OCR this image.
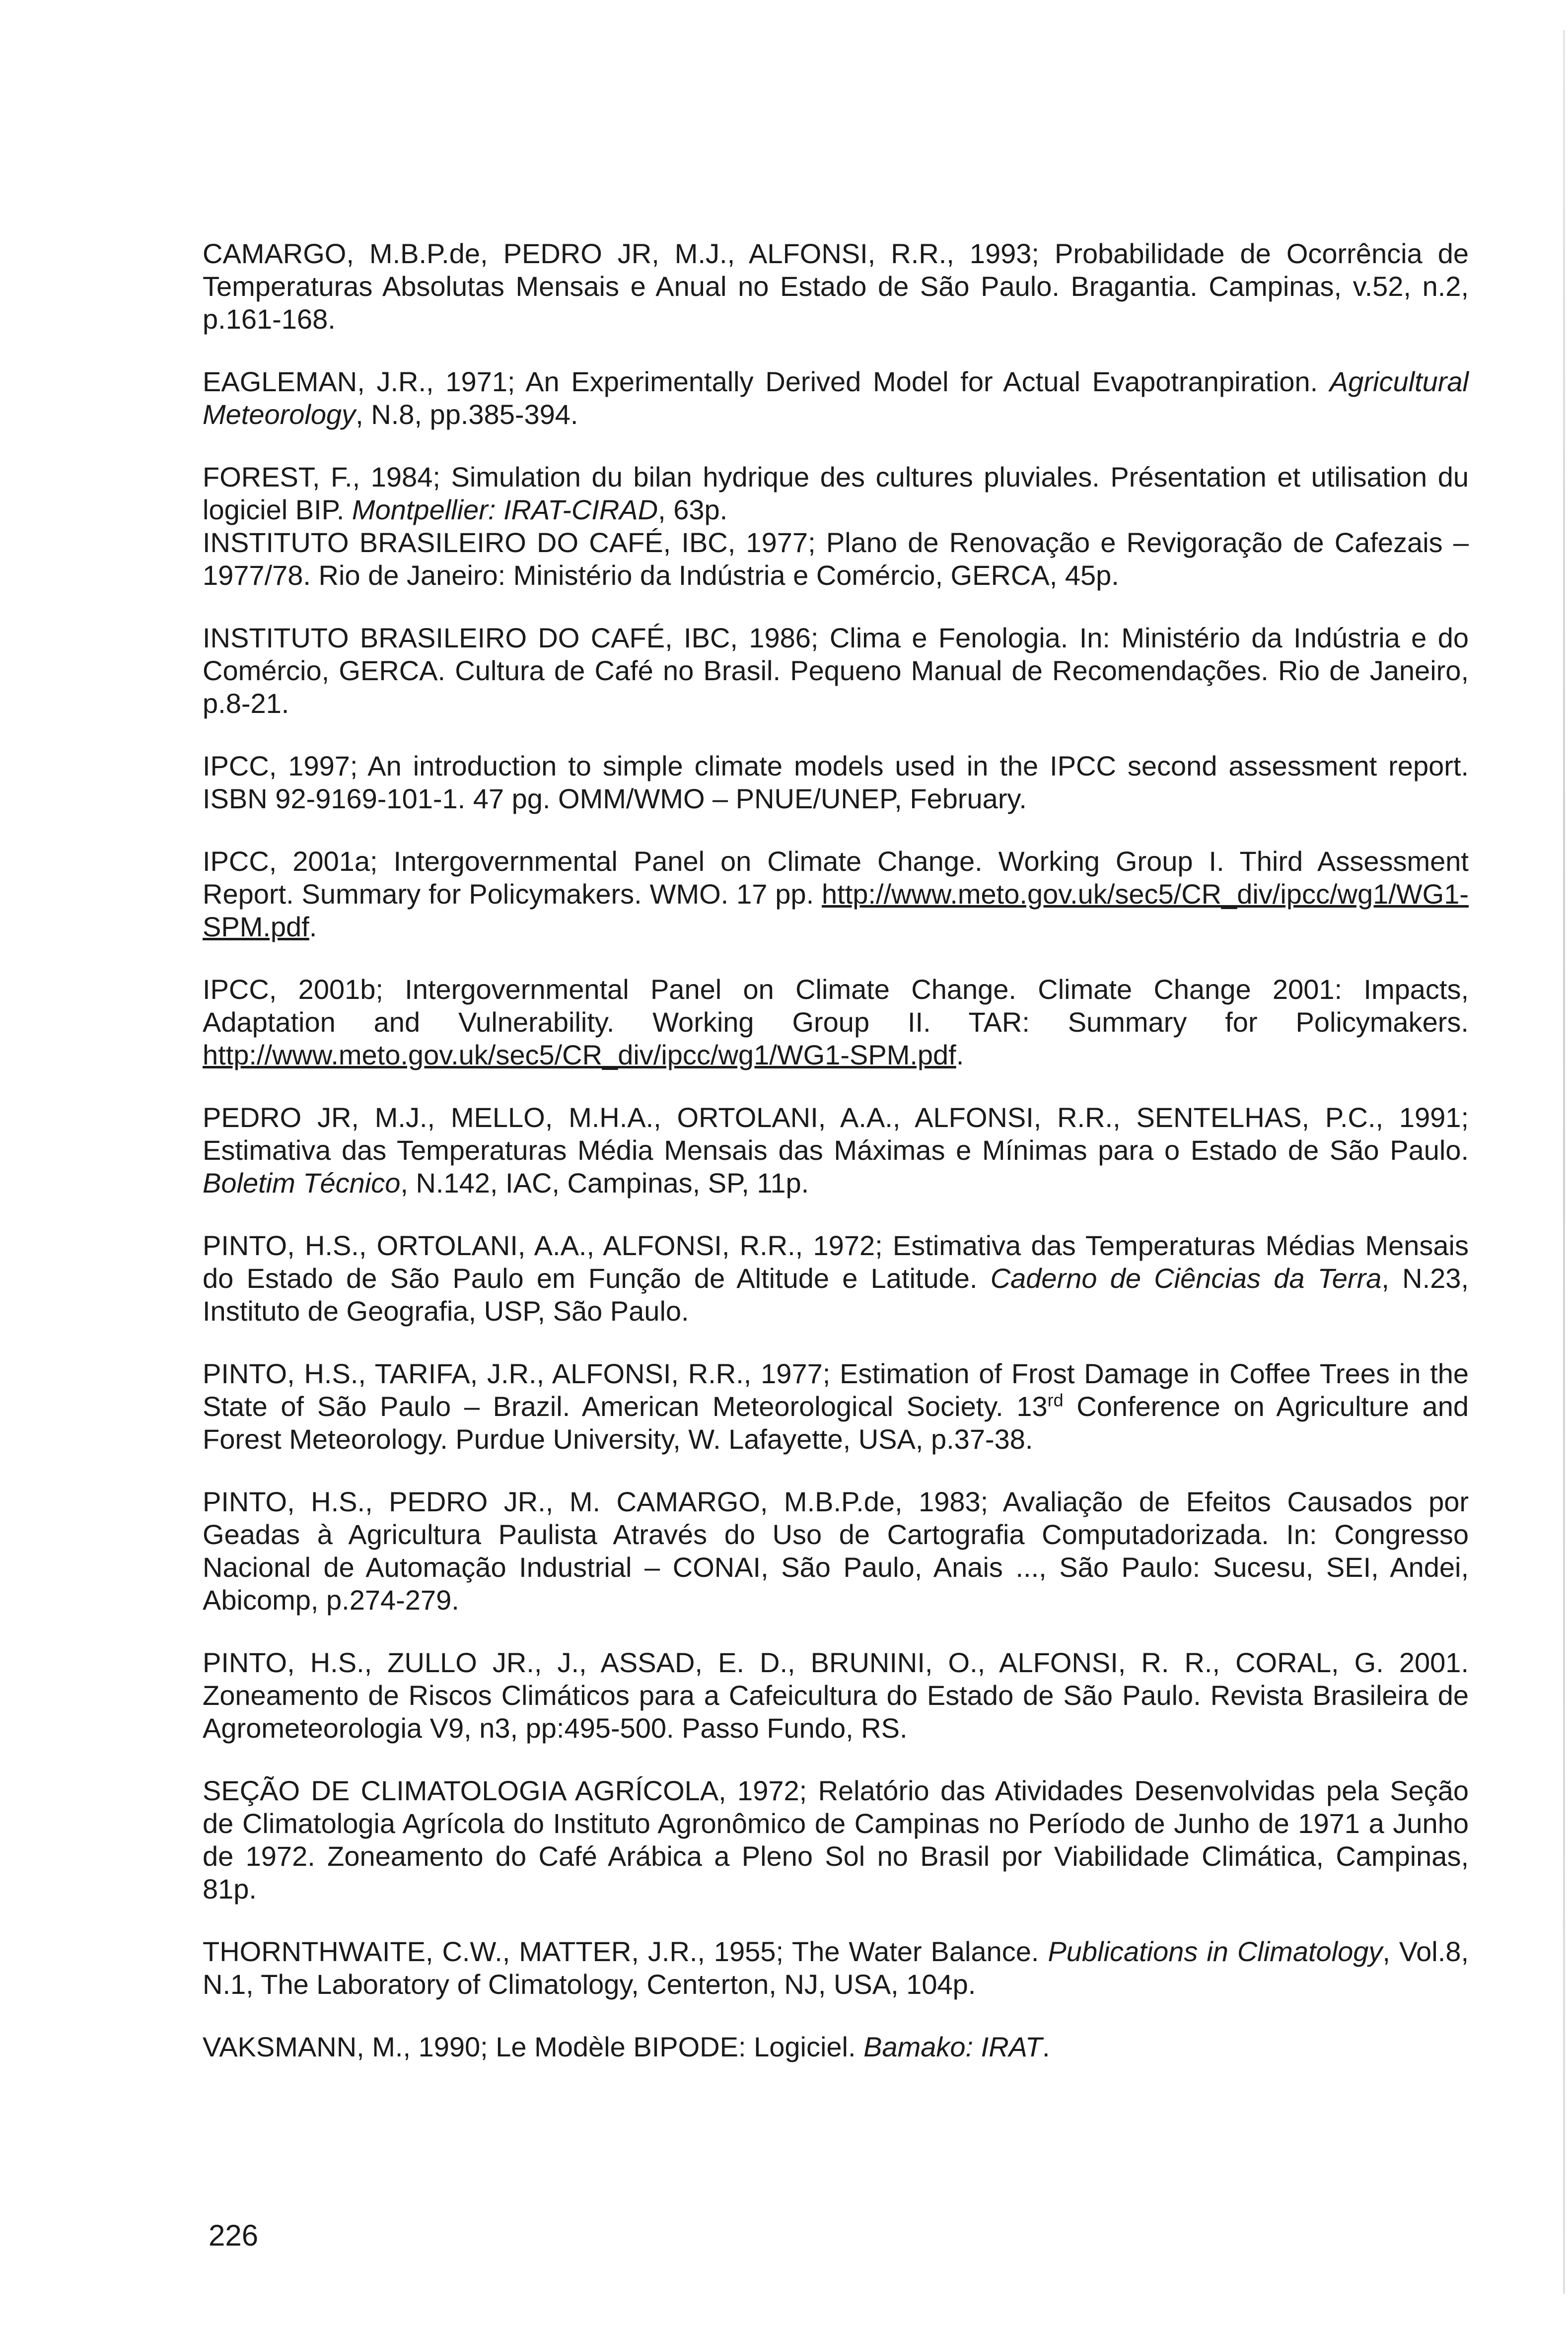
CAMARGO, M.B.P.de, PEDRO JR, M.J., ALFONSI, R.R., 1993; Probabilidade de Ocorrência de Temperaturas Absolutas Mensais e Anual no Estado de São Paulo. Bragantia. Campinas, v.52, n.2, p.161-168.

EAGLEMAN, J.R., 1971; An Experimentally Derived Model for Actual Evapotranpiration. Agricultural Meteorology, N.8, pp.385-394.

FOREST, F., 1984; Simulation du bilan hydrique des cultures pluviales. Présentation et utilisation du logiciel BIP. Montpellier: IRAT-CIRAD, 63p.

INSTITUTO BRASILEIRO DO CAFÉ, IBC, 1977; Plano de Renovação e Revigoração de Cafezais – 1977/78. Rio de Janeiro: Ministério da Indústria e Comércio, GERCA, 45p.

INSTITUTO BRASILEIRO DO CAFÉ, IBC, 1986; Clima e Fenologia. In: Ministério da Indústria e do Comércio, GERCA. Cultura de Café no Brasil. Pequeno Manual de Recomendações. Rio de Janeiro, p.8-21.

IPCC, 1997; An introduction to simple climate models used in the IPCC second assessment report. ISBN 92-9169-101-1. 47 pg. OMM/WMO – PNUE/UNEP, February.

IPCC, 2001a; Intergovernmental Panel on Climate Change. Working Group I. Third Assessment Report. Summary for Policymakers. WMO. 17 pp. http://www.meto.gov.uk/sec5/CR_div/ipcc/wg1/WG1-SPM.pdf.

IPCC, 2001b; Intergovernmental Panel on Climate Change. Climate Change 2001: Impacts, Adaptation and Vulnerability. Working Group II. TAR: Summary for Policymakers. http://www.meto.gov.uk/sec5/CR_div/ipcc/wg1/WG1-SPM.pdf.

PEDRO JR, M.J., MELLO, M.H.A., ORTOLANI, A.A., ALFONSI, R.R., SENTELHAS, P.C., 1991; Estimativa das Temperaturas Média Mensais das Máximas e Mínimas para o Estado de São Paulo. Boletim Técnico, N.142, IAC, Campinas, SP, 11p.

PINTO, H.S., ORTOLANI, A.A., ALFONSI, R.R., 1972; Estimativa das Temperaturas Médias Mensais do Estado de São Paulo em Função de Altitude e Latitude. Caderno de Ciências da Terra, N.23, Instituto de Geografia, USP, São Paulo.

PINTO, H.S., TARIFA, J.R., ALFONSI, R.R., 1977; Estimation of Frost Damage in Coffee Trees in the State of São Paulo – Brazil. American Meteorological Society. 13rd Conference on Agriculture and Forest Meteorology. Purdue University, W. Lafayette, USA, p.37-38.

PINTO, H.S., PEDRO JR., M. CAMARGO, M.B.P.de, 1983; Avaliação de Efeitos Causados por Geadas à Agricultura Paulista Através do Uso de Cartografia Computadorizada. In: Congresso Nacional de Automação Industrial – CONAI, São Paulo, Anais ..., São Paulo: Sucesu, SEI, Andei, Abicomp, p.274-279.

PINTO, H.S., ZULLO JR., J., ASSAD, E. D., BRUNINI, O., ALFONSI, R. R., CORAL, G. 2001. Zoneamento de Riscos Climáticos para a Cafeicultura do Estado de São Paulo. Revista Brasileira de Agrometeorologia V9, n3, pp:495-500. Passo Fundo, RS.

SEÇÃO DE CLIMATOLOGIA AGRÍCOLA, 1972; Relatório das Atividades Desenvolvidas pela Seção de Climatologia Agrícola do Instituto Agronômico de Campinas no Período de Junho de 1971 a Junho de 1972. Zoneamento do Café Arábica a Pleno Sol no Brasil por Viabilidade Climática, Campinas, 81p.

THORNTHWAITE, C.W., MATTER, J.R., 1955; The Water Balance. Publications in Climatology, Vol.8, N.1, The Laboratory of Climatology, Centerton, NJ, USA, 104p.

VAKSMANN, M., 1990; Le Modèle BIPODE: Logiciel. Bamako: IRAT.

226
